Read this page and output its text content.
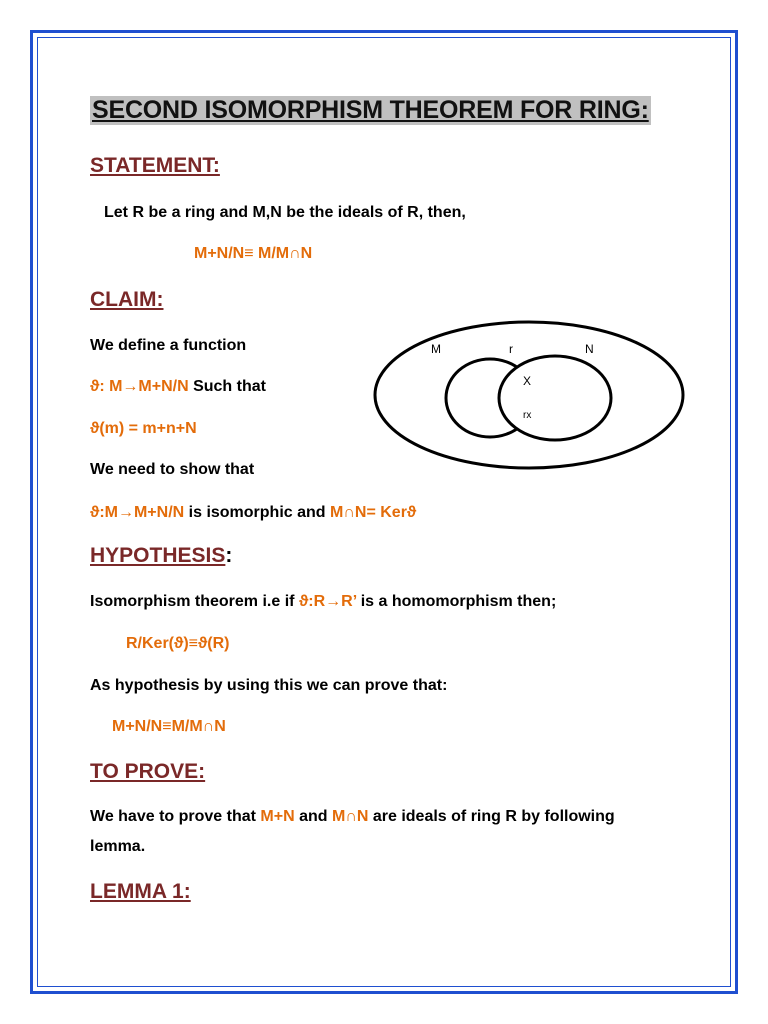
SECOND ISOMORPHISM THEOREM FOR RING:
STATEMENT:
Let R be a ring and M,N be the ideals of R, then,
M+N/N≡ M/M∩N
CLAIM:
We define a function
ϑ: M→M+N/N Such that
ϑ(m) = m+n+N
We need to show that
ϑ:M→M+N/N is isomorphic and M∩N= Kerϑ
M	r	N
X
rx
HYPOTHESIS:
Isomorphism theorem i.e if ϑ:R→R’ is a homomorphism then;
R/Ker(ϑ)≡ϑ(R)
As hypothesis by using this we can prove that:
M+N/N≡M/M∩N
TO PROVE:
We have to prove that M+N and M∩N are ideals of ring R by following
lemma.
LEMMA 1:
